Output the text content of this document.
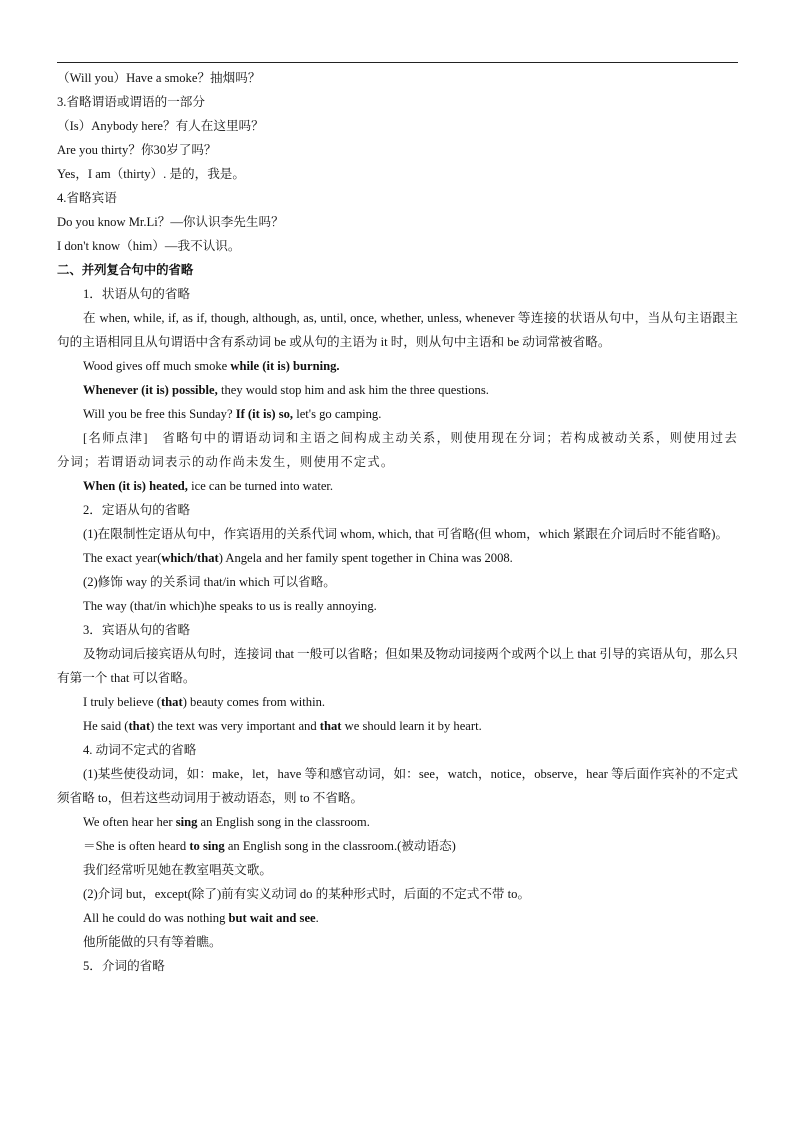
（Will you）Have a smoke？抽烟吗？

3.省略谓语或谓语的一部分

（Is）Anybody here？有人在这里吗？

Are you thirty？你30岁了吗？

Yes，I am（thirty）. 是的，我是。

4.省略宾语

Do you know Mr.Li？—你认识李先生吗？

I don't know（him）—我不认识。

二、并列复合句中的省略

1．状语从句的省略

在 when, while, if, as if, though, although, as, until, once, whether, unless, whenever 等连接的状语从句中，当从句主语跟主句的主语相同且从句谓语中含有系动词 be 或从句的主语为 it 时，则从句中主语和 be 动词常被省略。

Wood gives off much smoke while (it is) burning.

Whenever (it is) possible, they would stop him and ask him the three questions.

Will you be free this Sunday? If (it is) so, let's go camping.

[名师点津]　省略句中的谓语动词和主语之间构成主动关系，则使用现在分词；若构成被动关系，则使用过去分词；若谓语动词表示的动作尚未发生，则使用不定式。

When (it is) heated, ice can be turned into water.

2．定语从句的省略

(1)在限制性定语从句中，作宾语用的关系代词 whom, which, that 可省略(但 whom，which 紧跟在介词后时不能省略)。

The exact year(which/that) Angela and her family spent together in China was 2008.

(2)修饰 way 的关系词 that/in which 可以省略。

The way (that/in which)he speaks to us is really annoying.

3．宾语从句的省略

及物动词后接宾语从句时，连接词 that 一般可以省略；但如果及物动词接两个或两个以上 that 引导的宾语从句，那么只有第一个 that 可以省略。

I truly believe (that) beauty comes from within.

He said (that) the text was very important and that we should learn it by heart.

4. 动词不定式的省略

(1)某些使役动词，如：make，let，have 等和感官动词，如：see，watch，notice，observe，hear 等后面作宾补的不定式须省略 to，但若这些动词用于被动语态，则 to 不省略。

We often hear her sing an English song in the classroom.

＝She is often heard to sing an English song in the classroom.(被动语态)

我们经常听见她在教室唱英文歌。

(2)介词 but，except(除了)前有实义动词 do 的某种形式时，后面的不定式不带 to。

All he could do was nothing but wait and see.

他所能做的只有等着瞧。

5．介词的省略
